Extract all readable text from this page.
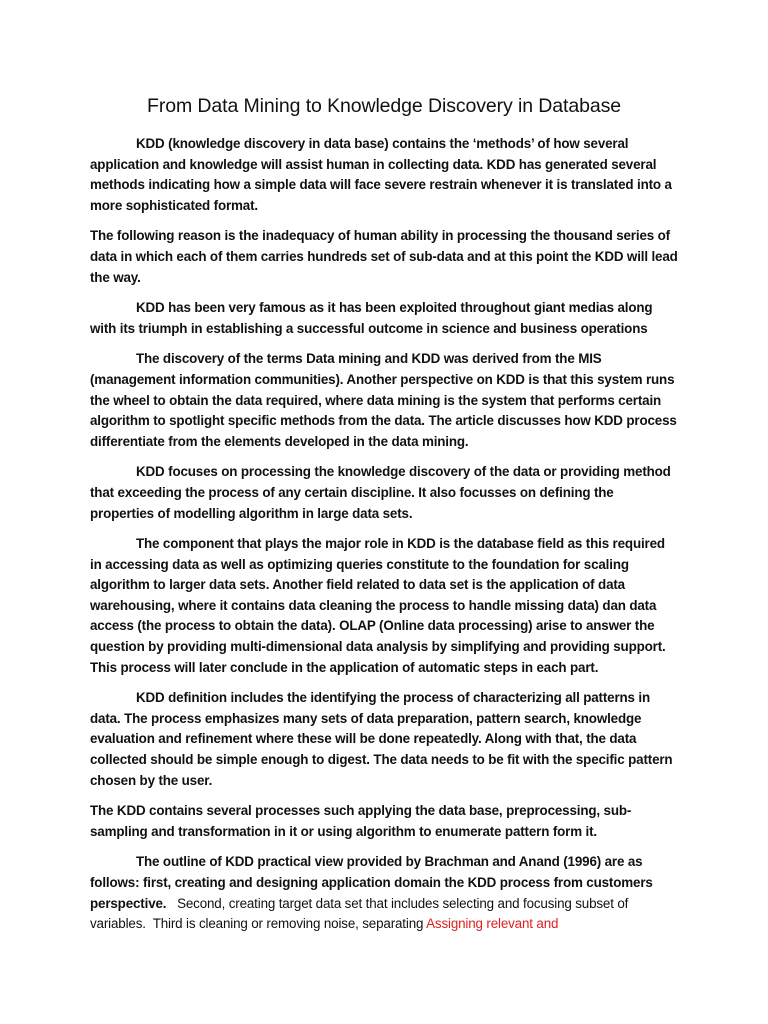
From Data Mining to Knowledge Discovery in Database

KDD (knowledge discovery in data base) contains the ‘methods’ of how several application and knowledge will assist human in collecting data. KDD has generated several methods indicating how a simple data will face severe restrain whenever it is translated into a more sophisticated format.

The following reason is the inadequacy of human ability in processing the thousand series of data in which each of them carries hundreds set of sub-data and at this point the KDD will lead the way.

KDD has been very famous as it has been exploited throughout giant medias along with its triumph in establishing a successful outcome in science and business operations

The discovery of the terms Data mining and KDD was derived from the MIS (management information communities). Another perspective on KDD is that this system runs the wheel to obtain the data required, where data mining is the system that performs certain algorithm to spotlight specific methods from the data. The article discusses how KDD process differentiate from the elements developed in the data mining.

KDD focuses on processing the knowledge discovery of the data or providing method that exceeding the process of any certain discipline. It also focusses on defining the properties of modelling algorithm in large data sets.

The component that plays the major role in KDD is the database field as this required in accessing data as well as optimizing queries constitute to the foundation for scaling algorithm to larger data sets. Another field related to data set is the application of data warehousing, where it contains data cleaning the process to handle missing data) dan data access (the process to obtain the data). OLAP (Online data processing) arise to answer the question by providing multi-dimensional data analysis by simplifying and providing support. This process will later conclude in the application of automatic steps in each part.

KDD definition includes the identifying the process of characterizing all patterns in data. The process emphasizes many sets of data preparation, pattern search, knowledge evaluation and refinement where these will be done repeatedly. Along with that, the data collected should be simple enough to digest. The data needs to be fit with the specific pattern chosen by the user.

The KDD contains several processes such applying the data base, preprocessing, sub-sampling and transformation in it or using algorithm to enumerate pattern form it.

The outline of KDD practical view provided by Brachman and Anand (1996) are as follows: first, creating and designing application domain the KDD process from customers perspective.   Second, creating target data set that includes selecting and focusing subset of variables.  Third is cleaning or removing noise, separating Assigning relevant and
